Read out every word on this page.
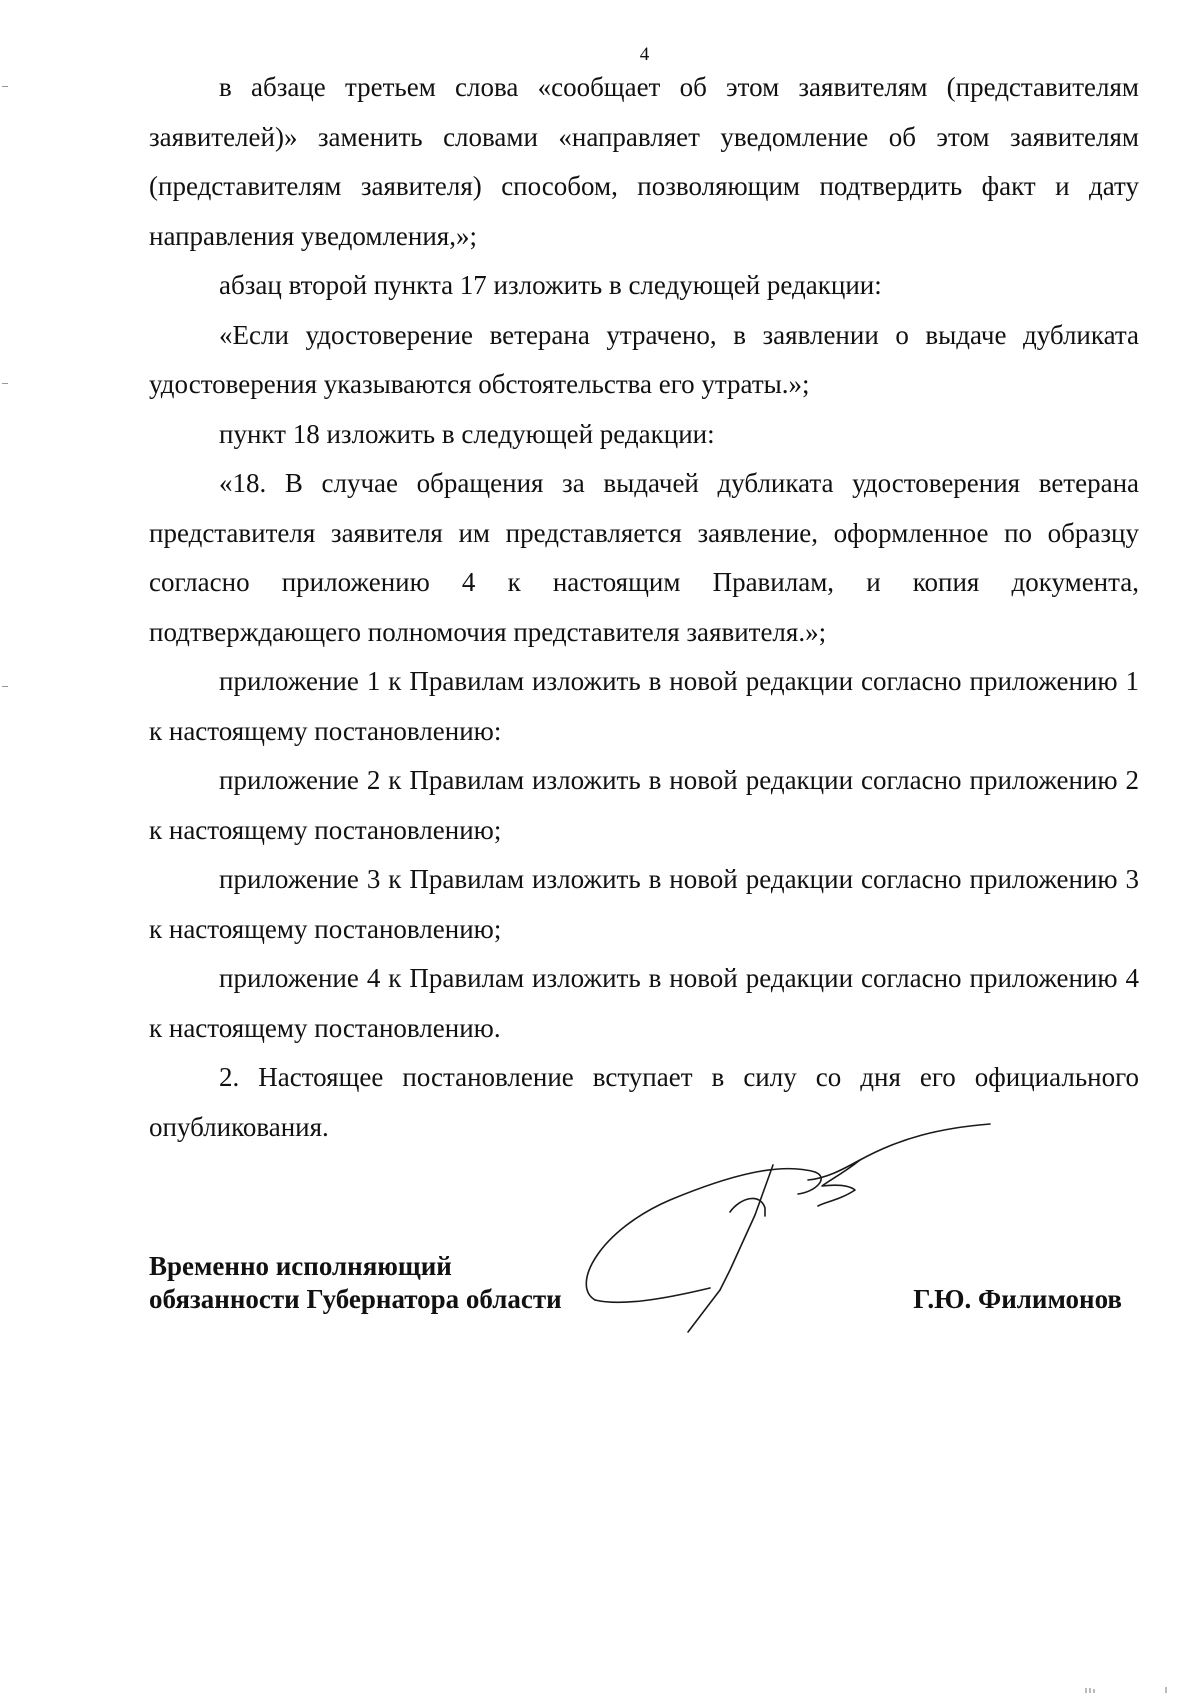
4

в абзаце третьем слова «сообщает об этом заявителям (представителям заявителей)» заменить словами «направляет уведомление об этом заявителям (представителям заявителя) способом, позволяющим подтвердить факт и дату направления уведомления,»;

абзац второй пункта 17 изложить в следующей редакции:

«Если удостоверение ветерана утрачено, в заявлении о выдаче дубликата удостоверения указываются обстоятельства его утраты.»;

пункт 18 изложить в следующей редакции:

«18. В случае обращения за выдачей дубликата удостоверения ветерана представителя заявителя им представляется заявление, оформленное по образцу согласно приложению 4 к настоящим Правилам, и копия документа, подтверждающего полномочия представителя заявителя.»;

приложение 1 к Правилам изложить в новой редакции согласно приложению 1 к настоящему постановлению:

приложение 2 к Правилам изложить в новой редакции согласно приложению 2 к настоящему постановлению;

приложение 3 к Правилам изложить в новой редакции согласно приложению 3 к настоящему постановлению;

приложение 4 к Правилам изложить в новой редакции согласно приложению 4 к настоящему постановлению.

2. Настоящее постановление вступает в силу со дня его официального опубликования.

Временно исполняющий
обязанности Губернатора области	Г.Ю. Филимонов
